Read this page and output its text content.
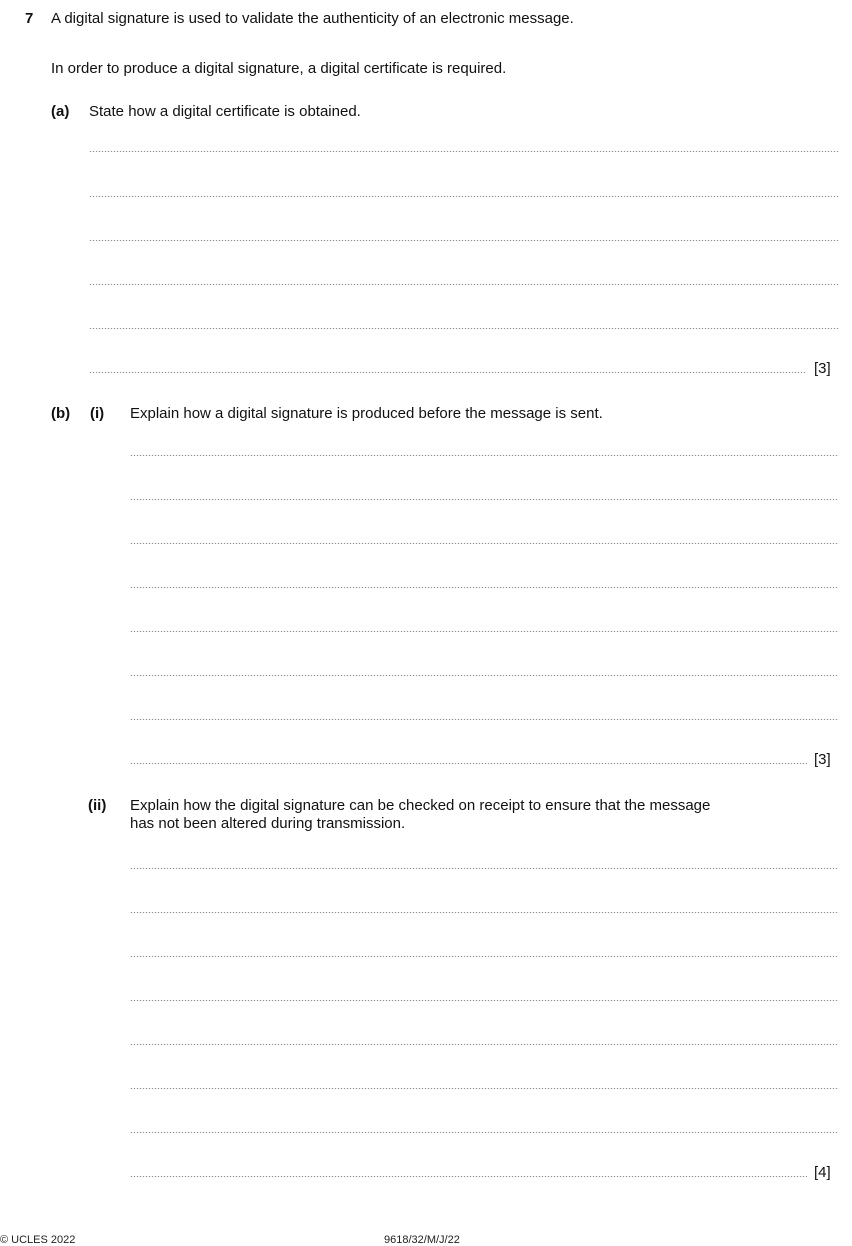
7 A digital signature is used to validate the authenticity of an electronic message.
In order to produce a digital signature, a digital certificate is required.
(a) State how a digital certificate is obtained.
[3]
(b) (i) Explain how a digital signature is produced before the message is sent.
[3]
(ii) Explain how the digital signature can be checked on receipt to ensure that the message
has not been altered during transmission.
[4]
© UCLES 2022	9618/32/M/J/22
